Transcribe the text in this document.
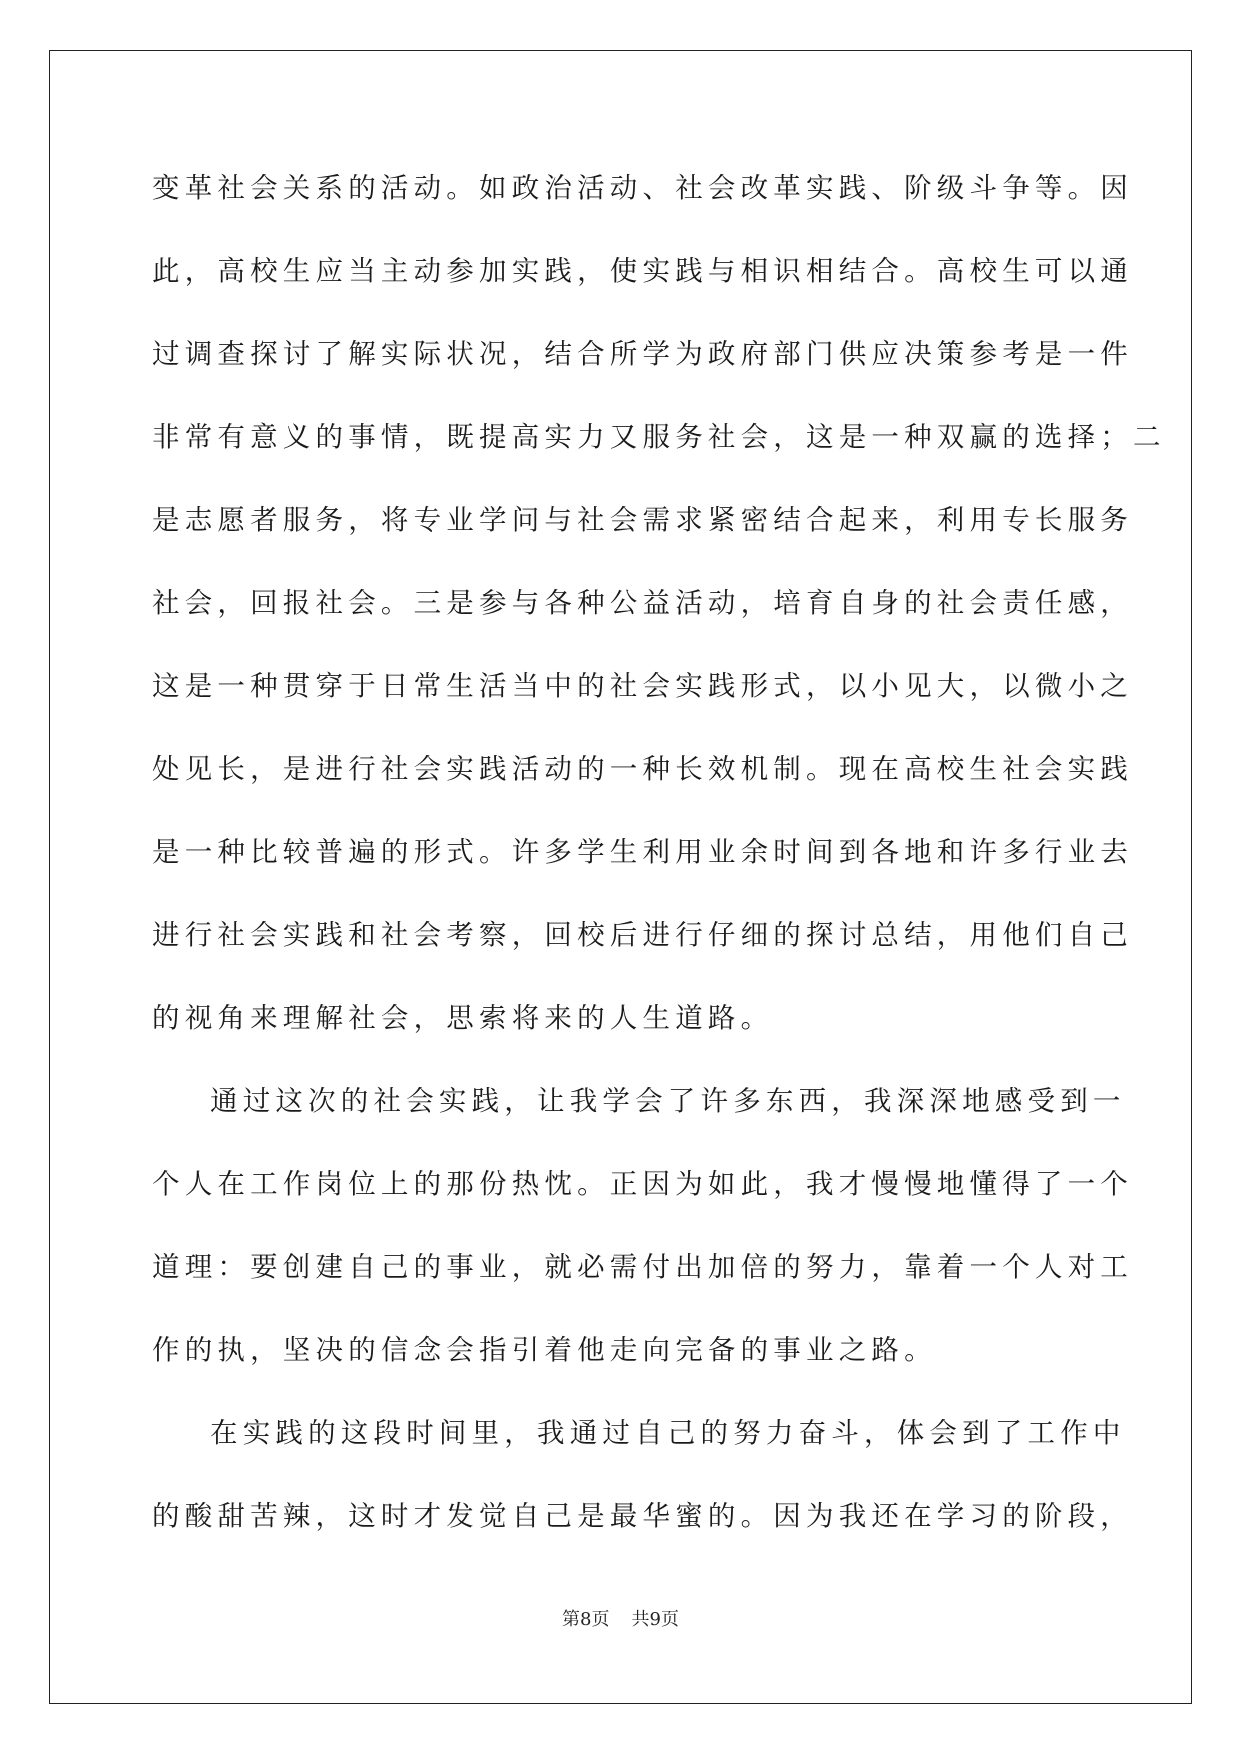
变革社会关系的活动。如政治活动、社会改革实践、阶级斗争等。因
此，高校生应当主动参加实践，使实践与相识相结合。高校生可以通
过调查探讨了解实际状况，结合所学为政府部门供应决策参考是一件
非常有意义的事情，既提高实力又服务社会，这是一种双赢的选择；二
是志愿者服务，将专业学问与社会需求紧密结合起来，利用专长服务
社会，回报社会。三是参与各种公益活动，培育自身的社会责任感，
这是一种贯穿于日常生活当中的社会实践形式，以小见大，以微小之
处见长，是进行社会实践活动的一种长效机制。现在高校生社会实践
是一种比较普遍的形式。许多学生利用业余时间到各地和许多行业去
进行社会实践和社会考察，回校后进行仔细的探讨总结，用他们自己
的视角来理解社会，思索将来的人生道路。
通过这次的社会实践，让我学会了许多东西，我深深地感受到一
个人在工作岗位上的那份热忱。正因为如此，我才慢慢地懂得了一个
道理：要创建自己的事业，就必需付出加倍的努力，靠着一个人对工
作的执，坚决的信念会指引着他走向完备的事业之路。
在实践的这段时间里，我通过自己的努力奋斗，体会到了工作中
的酸甜苦辣，这时才发觉自己是最华蜜的。因为我还在学习的阶段，
第8页 共9页
